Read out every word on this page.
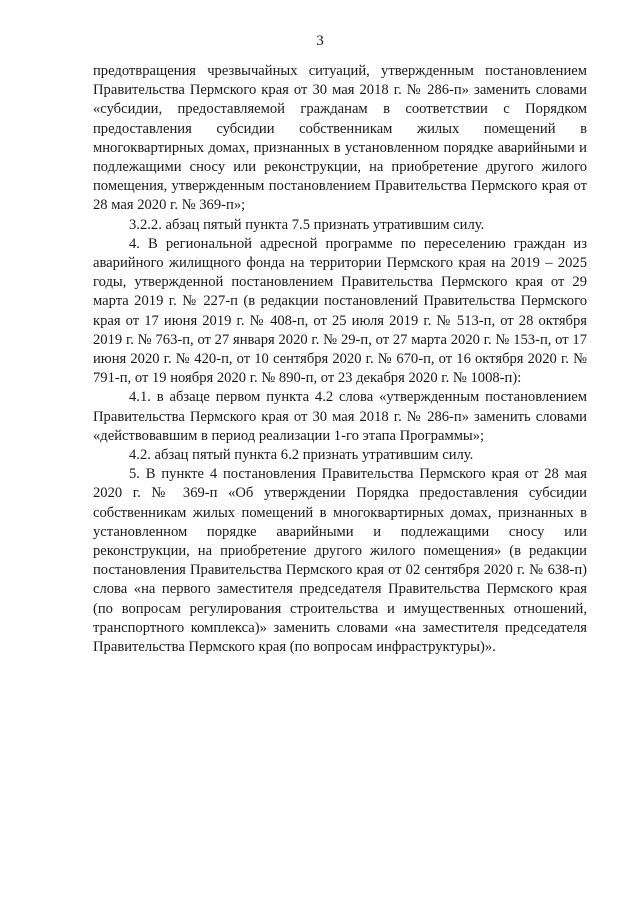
3

предотвращения чрезвычайных ситуаций, утвержденным постановлением Правительства Пермского края от 30 мая 2018 г. № 286-п» заменить словами «субсидии, предоставляемой гражданам в соответствии с Порядком предоставления субсидии собственникам жилых помещений в многоквартирных домах, признанных в установленном порядке аварийными и подлежащими сносу или реконструкции, на приобретение другого жилого помещения, утвержденным постановлением Правительства Пермского края от 28 мая 2020 г. № 369-п»;

3.2.2. абзац пятый пункта 7.5 признать утратившим силу.

4. В региональной адресной программе по переселению граждан из аварийного жилищного фонда на территории Пермского края на 2019 – 2025 годы, утвержденной постановлением Правительства Пермского края от 29 марта 2019 г. № 227-п (в редакции постановлений Правительства Пермского края от 17 июня 2019 г. № 408-п, от 25 июля 2019 г. № 513-п, от 28 октября 2019 г. № 763-п, от 27 января 2020 г. № 29-п, от 27 марта 2020 г. № 153-п, от 17 июня 2020 г. № 420-п, от 10 сентября 2020 г. № 670-п, от 16 октября 2020 г. № 791-п, от 19 ноября 2020 г. № 890-п, от 23 декабря 2020 г. № 1008-п):

4.1. в абзаце первом пункта 4.2 слова «утвержденным постановлением Правительства Пермского края от 30 мая 2018 г. № 286-п» заменить словами «действовавшим в период реализации 1-го этапа Программы»;

4.2. абзац пятый пункта 6.2 признать утратившим силу.

5. В пункте 4 постановления Правительства Пермского края от 28 мая 2020 г. № 369-п «Об утверждении Порядка предоставления субсидии собственникам жилых помещений в многоквартирных домах, признанных в установленном порядке аварийными и подлежащими сносу или реконструкции, на приобретение другого жилого помещения» (в редакции постановления Правительства Пермского края от 02 сентября 2020 г. № 638-п) слова «на первого заместителя председателя Правительства Пермского края (по вопросам регулирования строительства и имущественных отношений, транспортного комплекса)» заменить словами «на заместителя председателя Правительства Пермского края (по вопросам инфраструктуры)».
